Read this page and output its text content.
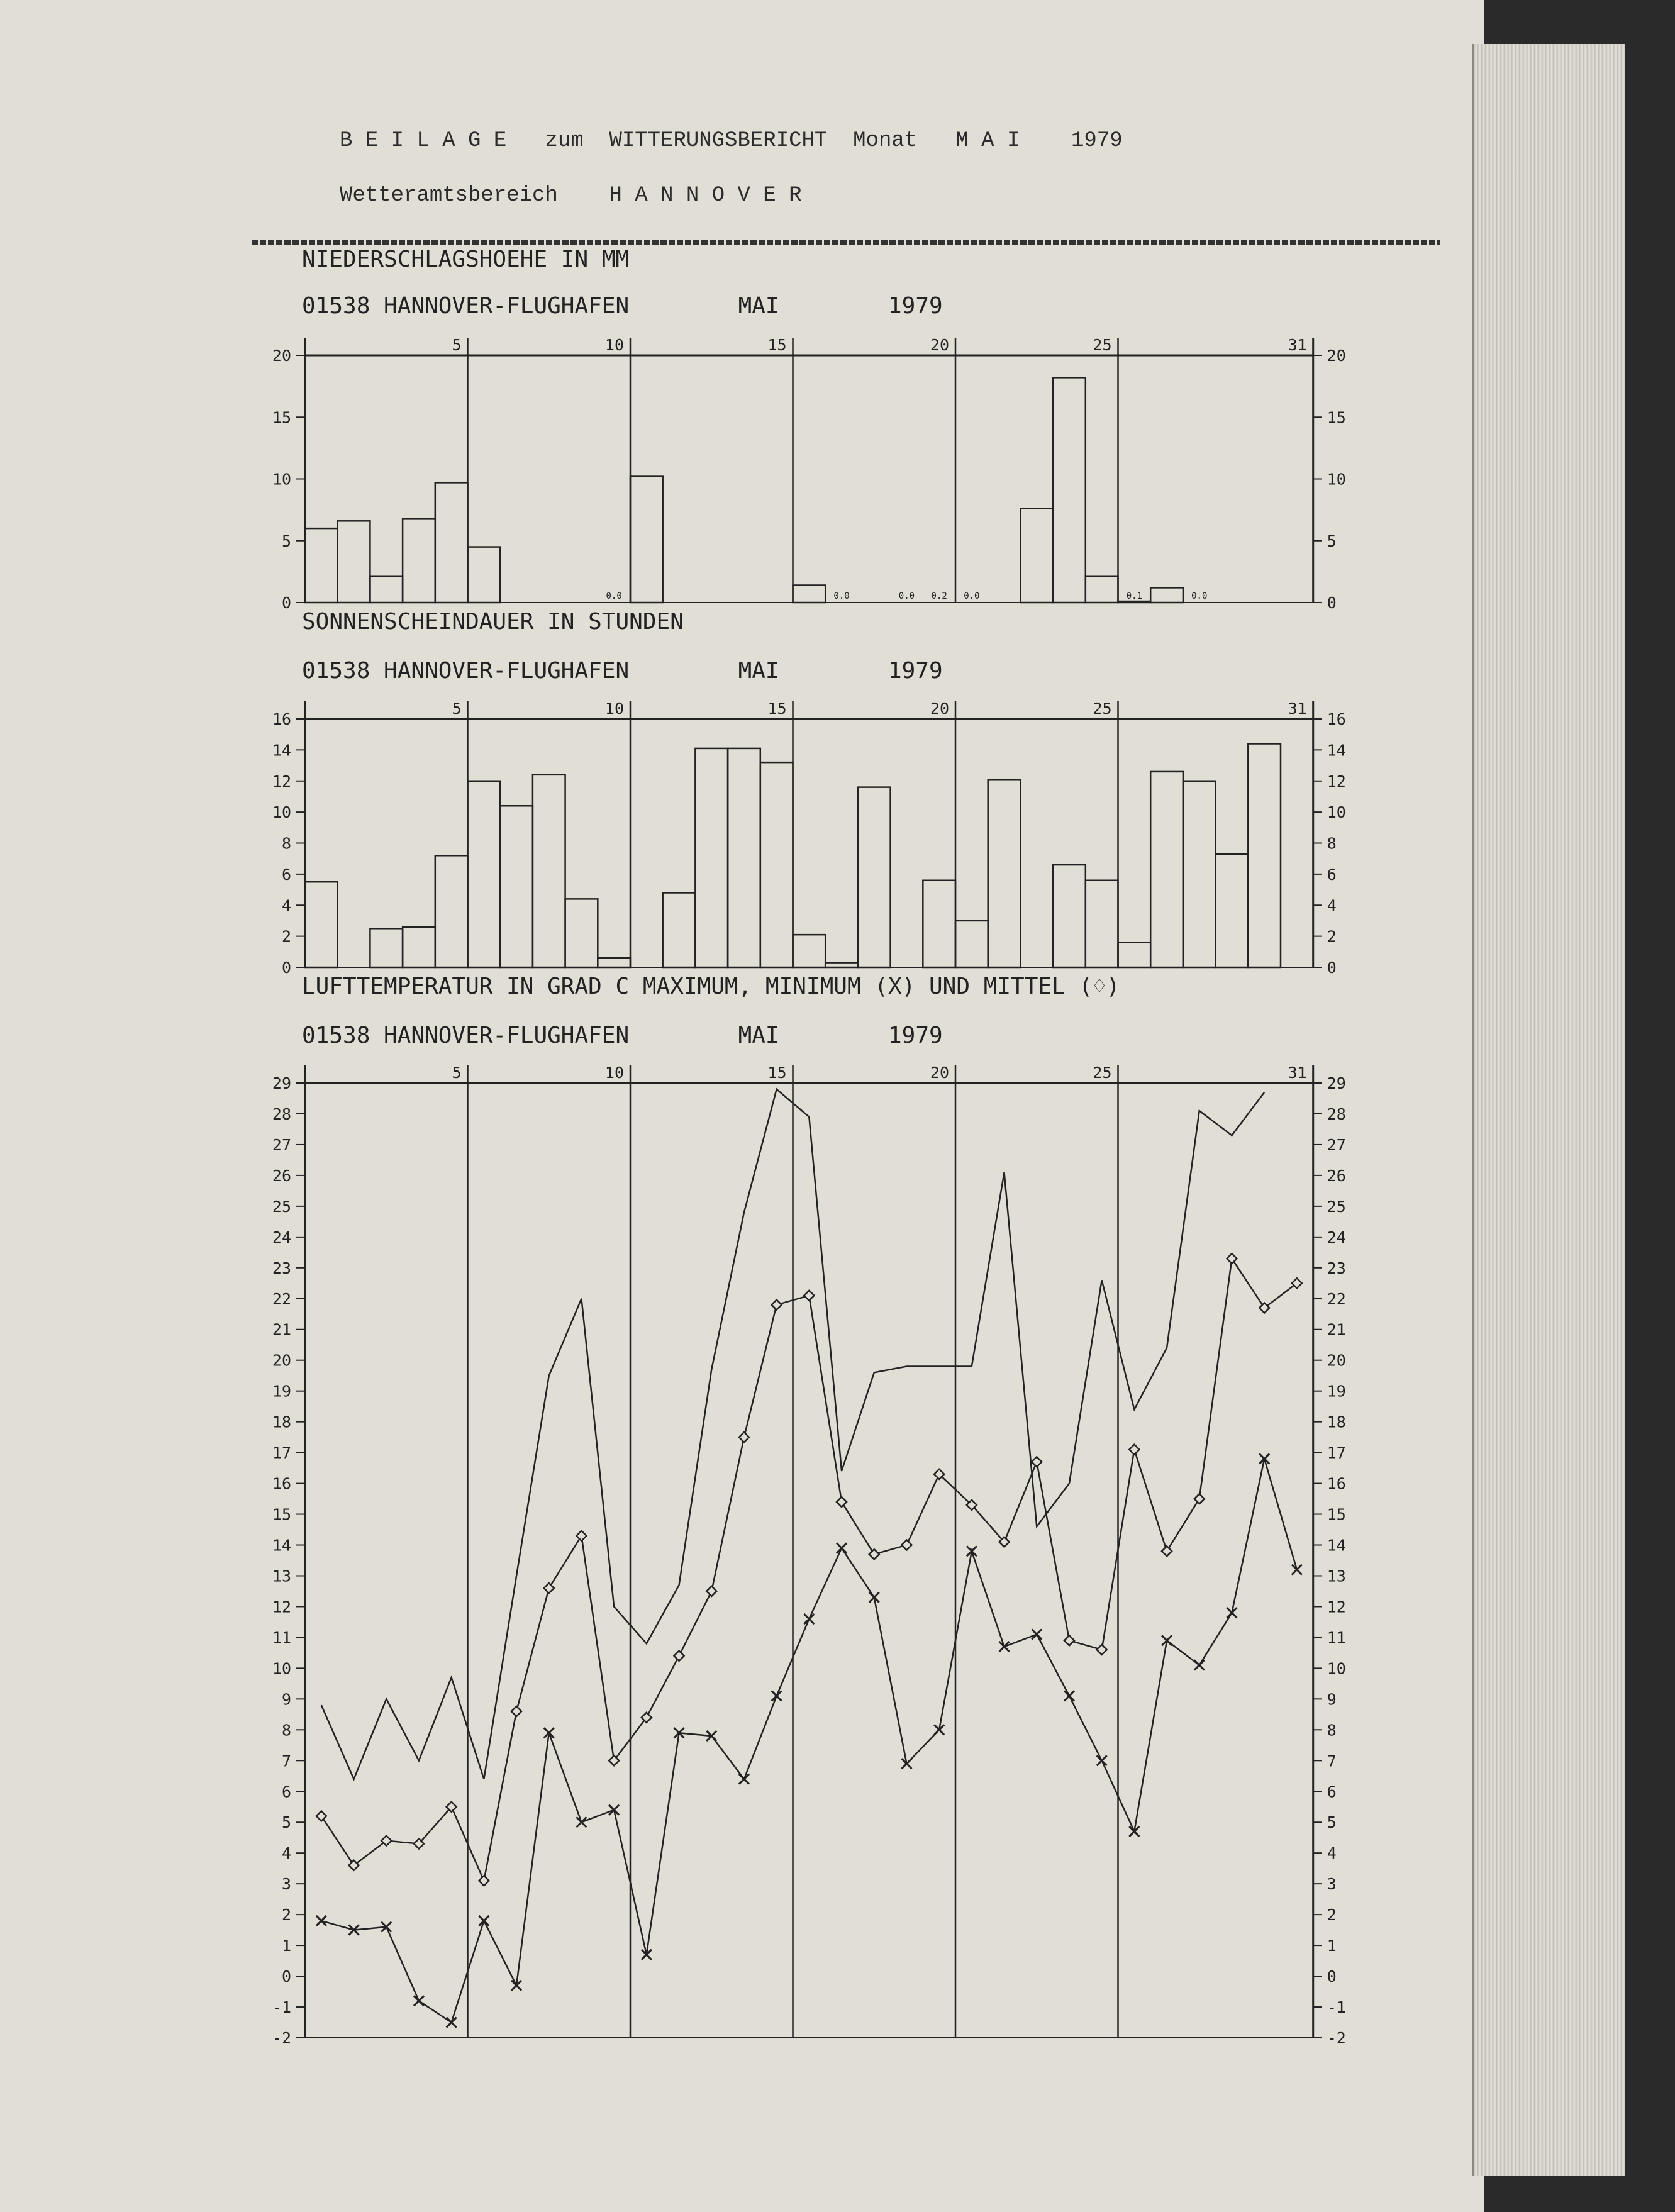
B E I L A G E   zum  WITTERUNGSBERICHT  Monat   M A I    1979
Wetteramtsbereich    H A N N O V E R
NIEDERSCHLAGSHOEHE IN MM
01538 HANNOVER-FLUGHAFEN        MAI        1979
5	10	15	20	25	31
0	0
5	5
10	10
15	15
20	20
0.0	0.0	0.0 0.2 0.0	0.1	0.0
SONNENSCHEINDAUER IN STUNDEN
01538 HANNOVER-FLUGHAFEN        MAI        1979
5	10	15	20	25	31
0	0
2	2
4	4
6	6
8	8
10	10
12	12
14	14
16	16
LUFTTEMPERATUR IN GRAD C MAXIMUM, MINIMUM (X) UND MITTEL (♢)
01538 HANNOVER-FLUGHAFEN        MAI        1979
5	10	15	20	25	31
-2	-2
-1	-1
0	0
1	1
2	2
3	3
4	4
5	5
6	6
7	7
8	8
9	9
10	10
11	11
12	12
13	13
14	14
15	15
16	16
17	17
18	18
19	19
20	20
21	21
22	22
23	23
24	24
25	25
26	26
27	27
28	28
29	29
